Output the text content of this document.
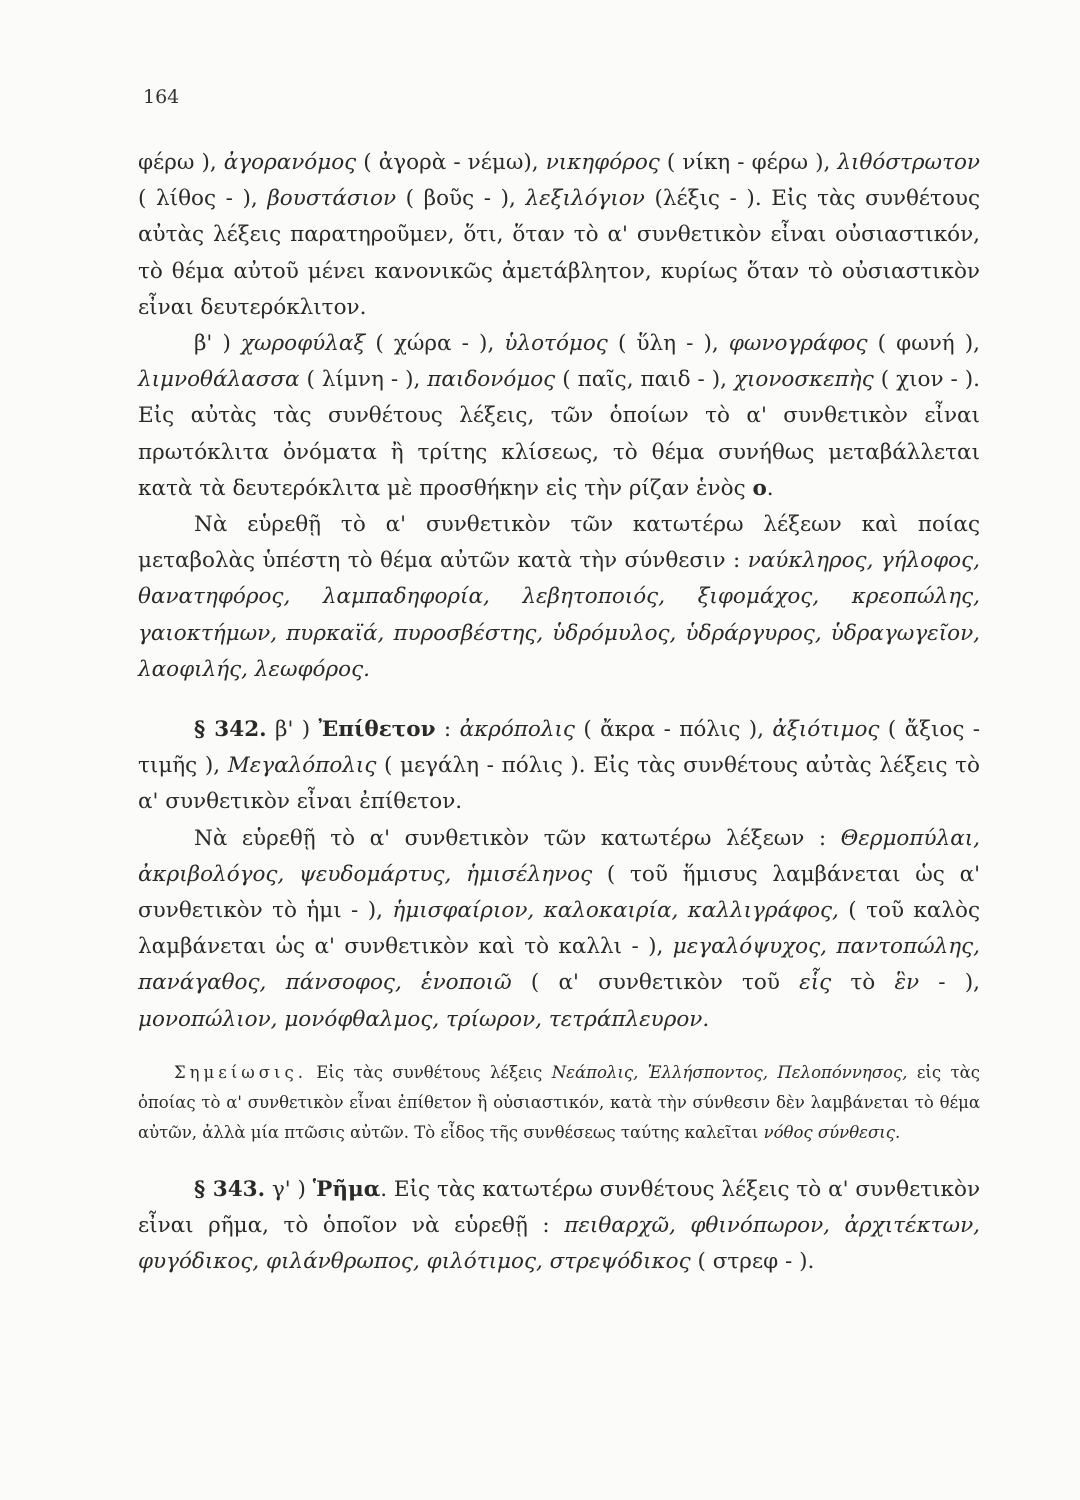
164

φέρω ), ἀγορανόμος ( ἀγορὰ - νέμω), νικηφόρος ( νίκη - φέρω ), λιθόστρωτον ( λίθος - ), βουστάσιον ( βοῦς - ), λεξιλόγιον (λέξις - ). Εἰς τὰς συνθέτους αὐτὰς λέξεις παρατηροῦμεν, ὅτι, ὅταν τὸ α' συνθετικὸν εἶναι οὐσιαστικόν, τὸ θέμα αὐτοῦ μένει κανονικῶς ἀμετάβλητον, κυρίως ὅταν τὸ οὐσιαστικὸν εἶναι δευτερόκλιτον.

β' ) χωροφύλαξ ( χώρα - ), ὑλοτόμος ( ὕλη - ), φωνογράφος ( φωνή ), λιμνοθάλασσα ( λίμνη - ), παιδονόμος ( παῖς, παιδ - ), χιονοσκεπὴς ( χιον - ). Εἰς αὐτὰς τὰς συνθέτους λέξεις, τῶν ὁποίων τὸ α' συνθετικὸν εἶναι πρωτόκλιτα ὀνόματα ἢ τρίτης κλίσεως, τὸ θέμα συνήθως μεταβάλλεται κατὰ τὰ δευτερόκλιτα μὲ προσθήκην εἰς τὴν ρίζαν ἑνὸς ο.

Νὰ εὑρεθῇ τὸ α' συνθετικὸν τῶν κατωτέρω λέξεων καὶ ποίας μεταβολὰς ὑπέστη τὸ θέμα αὐτῶν κατὰ τὴν σύνθεσιν : ναύκληρος, γήλοφος, θανατηφόρος, λαμπαδηφορία, λεβητοποιός, ξιφομάχος, κρεοπώλης, γαιοκτήμων, πυρκαϊά, πυροσβέστης, ὑδρόμυλος, ὑδράργυρος, ὑδραγωγεῖον, λαοφιλής, λεωφόρος.

§ 342. β' ) Ἐπίθετον : ἀκρόπολις ( ἄκρα - πόλις ), ἀξιότιμος ( ἄξιος - τιμῆς ), Μεγαλόπολις ( μεγάλη - πόλις ). Εἰς τὰς συνθέτους αὐτὰς λέξεις τὸ α' συνθετικὸν εἶναι ἐπίθετον.

Νὰ εὑρεθῇ τὸ α' συνθετικὸν τῶν κατωτέρω λέξεων : Θερμοπύλαι, ἀκριβολόγος, ψευδομάρτυς, ἡμισέληνος ( τοῦ ἥμισυς λαμβάνεται ὡς α' συνθετικὸν τὸ ἡμι - ), ἡμισφαίριον, καλοκαιρία, καλλιγράφος, ( τοῦ καλὸς λαμβάνεται ὡς α' συνθετικὸν καὶ τὸ καλλι - ), μεγαλόψυχος, παντοπώλης, πανάγαθος, πάνσοφος, ἑνοποιῶ ( α' συνθετικὸν τοῦ εἷς τὸ ἓν - ), μονοπώλιον, μονόφθαλμος, τρίωρον, τετράπλευρον.

Σημείωσις. Εἰς τὰς συνθέτους λέξεις Νεάπολις, Ἑλλήσποντος, Πελοπόννησος, εἰς τὰς ὁποίας τὸ α' συνθετικὸν εἶναι ἐπίθετον ἢ οὐσιαστικόν, κατὰ τὴν σύνθεσιν δὲν λαμβάνεται τὸ θέμα αὐτῶν, ἀλλὰ μία πτῶσις αὐτῶν. Τὸ εἶδος τῆς συνθέσεως ταύτης καλεῖται νόθος σύνθεσις.

§ 343. γ' ) Ῥῆμα. Εἰς τὰς κατωτέρω συνθέτους λέξεις τὸ α' συνθετικὸν εἶναι ρῆμα, τὸ ὁποῖον νὰ εὑρεθῇ : πειθαρχῶ, φθινόπωρον, ἀρχιτέκτων, φυγόδικος, φιλάνθρωπος, φιλότιμος, στρεψόδικος ( στρεφ - ).
